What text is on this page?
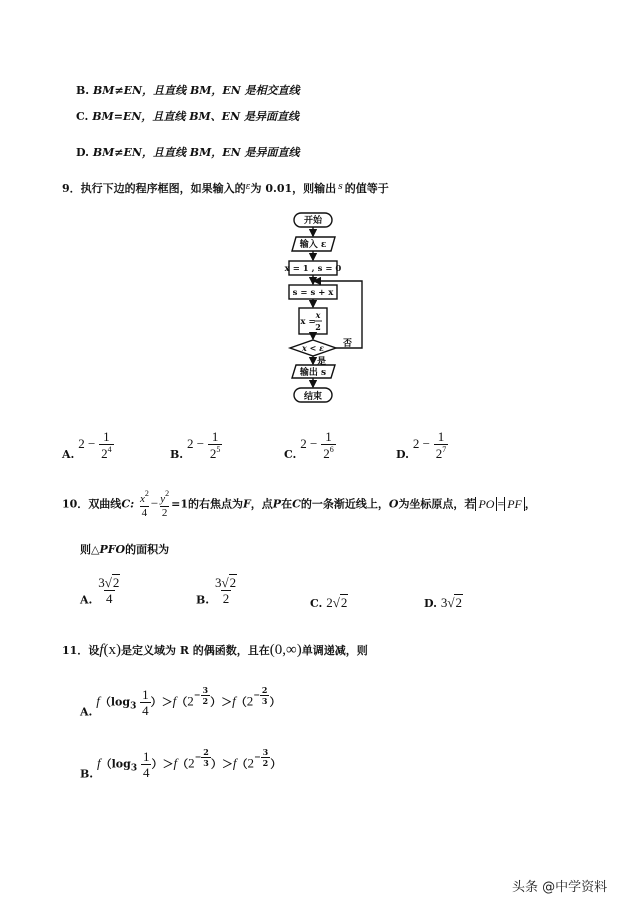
B. BM≠EN，且直线 BM，EN 是相交直线
C. BM=EN，且直线 BM、EN 是异面直线
D. BM≠EN，且直线 BM，EN 是异面直线
9．执行下边的程序框图，如果输入的$^\varepsilon$为 0.01，则输出 $^s$ 的值等于
开始
输入 ε
x = 1 , s = 0
s = s + x
x =
x
2
x < ε 否
是
输出 s
结束
A. $2 - \frac{1}{2^4}$	B. $2 - \frac{1}{2^5}$	C. $2 - \frac{1}{2^6}$	D. $2 - \frac{1}{2^7}$
10．双曲线C: $\frac{x^2}{4} - \frac{y^2}{2} =1$的右焦点为F，点P在C的一条渐近线上，O为坐标原点，若 PO = PF ，
则△PFO的面积为
A. $\frac{3√2}{4}$	B. $\frac{3√2}{2}$	C. 2√2	D. 3√2
11．设f(x)是定义域为 R 的偶函数，且在(0,∞)单调递减，则
A. $f(\log_3 \frac{1}{4} )>f(2- \frac{3}{2} )>f(2- \frac{2}{3}$ ）
B. $f(\log_3 \frac{1}{4} )>f(2- \frac{2}{3} )>f(2- \frac{3}{2}$ ）
头条 @中学资料
